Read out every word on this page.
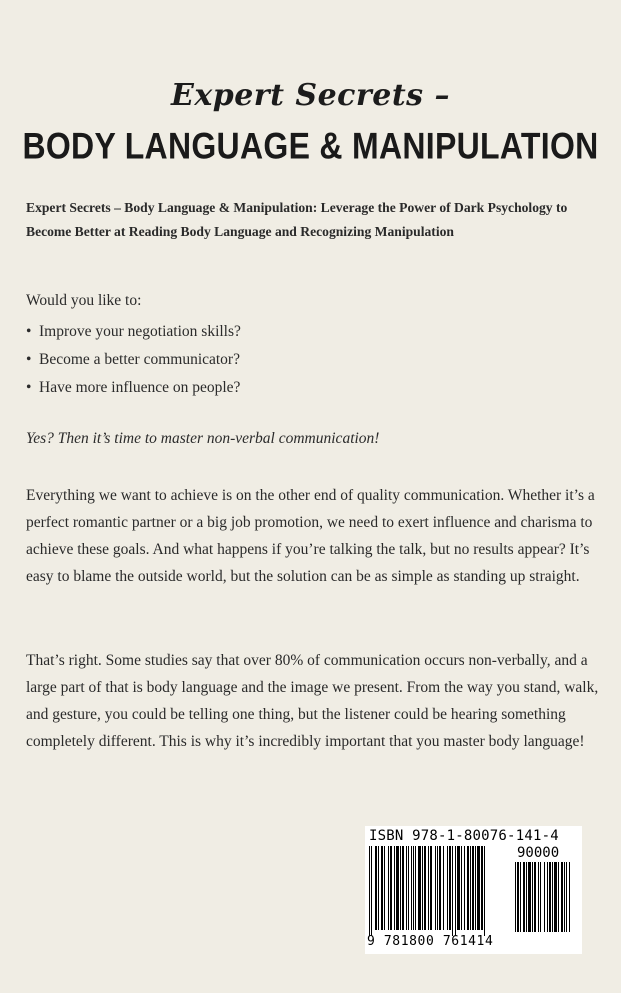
Expert Secrets –
BODY LANGUAGE & MANIPULATION
Expert Secrets – Body Language & Manipulation: Leverage the Power of Dark Psychology to Become Better at Reading Body Language and Recognizing Manipulation
Would you like to:
• Improve your negotiation skills?
• Become a better communicator?
• Have more influence on people?
Yes? Then it’s time to master non-verbal communication!

Everything we want to achieve is on the other end of quality communication. Whether it’s a perfect romantic partner or a big job promotion, we need to exert influence and charisma to achieve these goals. And what happens if you’re talking the talk, but no results appear? It’s easy to blame the outside world, but the solution can be as simple as standing up straight.

That’s right. Some studies say that over 80% of communication occurs non-verbally, and a large part of that is body language and the image we present. From the way you stand, walk, and gesture, you could be telling one thing, but the listener could be hearing something completely different. This is why it’s incredibly important that you master body language!

ISBN 978-1-80076-141-4
90000
9 781800 761414
